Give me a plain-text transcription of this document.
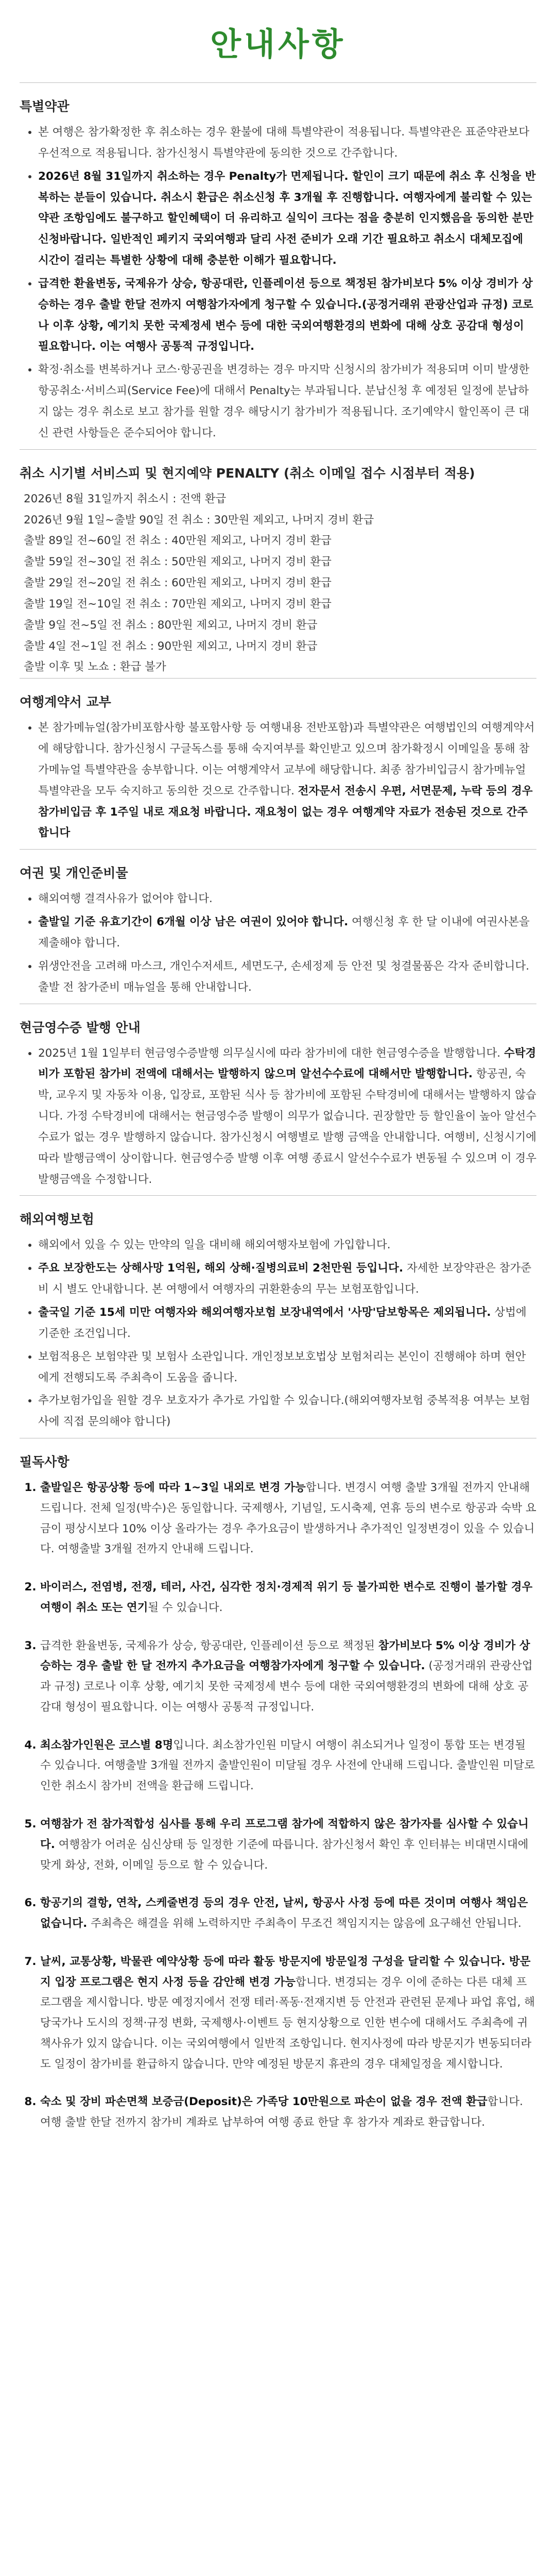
안내사항
특별약관
• 본 여행은 참가확정한 후 취소하는 경우 환불에 대해 특별약관이 적용됩니다. 특별약관은 표준약관보다 우선적으로 적용됩니다. 참가신청시 특별약관에 동의한 것으로 간주합니다.
• 2026년 8월 31일까지 취소하는 경우 Penalty가 면제됩니다. 할인이 크기 때문에 취소 후 신청을 반복하는 분들이 있습니다. 취소시 환급은 취소신청 후 3개월 후 진행합니다. 여행자에게 불리할 수 있는 약관 조항임에도 불구하고 할인혜택이 더 유리하고 실익이 크다는 점을 충분히 인지했음을 동의한 분만 신청바랍니다. 일반적인 페키지 국외여행과 달리 사전 준비가 오래 기간 필요하고 취소시 대체모집에 시간이 걸리는 특별한 상황에 대해 충분한 이해가 필요합니다.
• 급격한 환율변동, 국제유가 상승, 항공대란, 인플레이션 등으로 책정된 참가비보다 5% 이상 경비가 상승하는 경우 출발 한달 전까지 여행참가자에게 청구할 수 있습니다.(공정거래위 관광산업과 규정) 코로나 이후 상황, 예기치 못한 국제정세 변수 등에 대한 국외여행환경의 변화에 대해 상호 공감대 형성이 필요합니다. 이는 여행사 공통적 규정입니다.
• 확정·취소를 변복하거나 코스·항공권을 변경하는 경우 마지막 신청시의 참가비가 적용되며 이미 발생한 항공취소·서비스피(Service Fee)에 대해서 Penalty는 부과됩니다. 분납신청 후 예정된 일정에 분납하지 않는 경우 취소로 보고 참가를 원할 경우 해당시기 참가비가 적용됩니다. 조기예약시 할인폭이 큰 대신 관련 사항들은 준수되어야 합니다.
취소 시기별 서비스피 및 현지예약 PENALTY (취소 이메일 접수 시점부터 적용)
2026년 8월 31일까지 취소시 : 전액 환급
2026년 9월 1일~출발 90일 전 취소 : 30만원 제외고, 나머지 경비 환급
출발 89일 전~60일 전 취소 : 40만원 제외고, 나머지 경비 환급
출발 59일 전~30일 전 취소 : 50만원 제외고, 나머지 경비 환급
출발 29일 전~20일 전 취소 : 60만원 제외고, 나머지 경비 환급
출발 19일 전~10일 전 취소 : 70만원 제외고, 나머지 경비 환급
출발 9일 전~5일 전 취소 : 80만원 제외고, 나머지 경비 환급
출발 4일 전~1일 전 취소 : 90만원 제외고, 나머지 경비 환급
출발 이후 및 노쇼 : 환급 불가
여행계약서 교부
• 본 참가메뉴얼(참가비포함사항 불포함사항 등 여행내용 전반포함)과 특별약관은 여행법인의 여행계약서에 해당합니다. 참가신청시 구글독스를 통해 숙지여부를 확인받고 있으며 참가확정시 이메일을 통해 참가메뉴얼 특별약관을 송부합니다. 이는 여행계약서 교부에 해당합니다. 최종 참가비입금시 참가메뉴얼 특별약관을 모두 숙지하고 동의한 것으로 간주합니다. 전자문서 전송시 우편, 서면문제, 누락 등의 경우 참가비입금 후 1주일 내로 재요청 바랍니다. 재요청이 없는 경우 여행계약 자료가 전송된 것으로 간주합니다
여권 및 개인준비물
• 해외여행 결격사유가 없어야 합니다.
• 출발일 기준 유효기간이 6개월 이상 남은 여권이 있어야 합니다. 여행신청 후 한 달 이내에 여권사본을 제출해야 합니다.
• 위생안전을 고려해 마스크, 개인수저세트, 세면도구, 손세정제 등 안전 및 청결물품은 각자 준비합니다. 출발 전 참가준비 매뉴얼을 통해 안내합니다.
현금영수증 발행 안내
• 2025년 1월 1일부터 현금영수증발행 의무실시에 따라 참가비에 대한 현금영수증을 발행합니다. 수탁경비가 포함된 참가비 전액에 대해서는 발행하지 않으며 알선수수료에 대해서만 발행합니다. 항공권, 숙박, 교우지 및 자동차 이용, 입장료, 포함된 식사 등 참가비에 포함된 수탁경비에 대해서는 발행하지 않습니다. 가정 수탁경비에 대해서는 현금영수증 발행이 의무가 없습니다. 권장할만 등 할인율이 높아 알선수수료가 없는 경우 발행하지 않습니다. 참가신청시 여행별로 발행 금액을 안내합니다. 여행비, 신청시기에 따라 발행금액이 상이합니다. 현금영수증 발행 이후 여행 종료시 알선수수료가 변동될 수 있으며 이 경우 발행금액을 수정합니다.
해외여행보험
• 해외에서 있을 수 있는 만약의 일을 대비해 해외여행자보험에 가입합니다.
• 주요 보장한도는 상해사망 1억원, 해외 상해·질병의료비 2천만원 등입니다. 자세한 보장약관은 참가준비 시 별도 안내합니다. 본 여행에서 여행자의 귀환환송의 무는 보험포함입니다.
• 출국일 기준 15세 미만 여행자와 해외여행자보험 보장내역에서 '사망'담보항목은 제외됩니다. 상법에 기준한 조건입니다.
• 보험적용은 보험약관 및 보험사 소관입니다. 개인정보보호법상 보험처리는 본인이 진행해야 하며 현안에게 전행되도록 주최측이 도움을 줍니다.
• 추가보험가입을 원할 경우 보호자가 추가로 가입할 수 있습니다.(해외여행자보험 중복적용 여부는 보험사에 직접 문의해야 합니다)
필독사항
1. 출발일은 항공상황 등에 따라 1~3일 내외로 변경 가능합니다. 변경시 여행 출발 3개월 전까지 안내해 드립니다. 전체 일정(박수)은 동일합니다. 국제행사, 기념일, 도시축제, 연휴 등의 변수로 항공과 숙박 요금이 평상시보다 10% 이상 올라가는 경우 추가요금이 발생하거나 추가적인 일정변경이 있을 수 있습니다. 여행출발 3개월 전까지 안내해 드립니다.
2. 바이러스, 전염병, 전쟁, 테러, 사건, 심각한 정치·경제적 위기 등 불가피한 변수로 진행이 불가할 경우 여행이 취소 또는 연기될 수 있습니다.
3. 급격한 환율변동, 국제유가 상승, 항공대란, 인플레이션 등으로 책정된 참가비보다 5% 이상 경비가 상승하는 경우 출발 한 달 전까지 추가요금을 여행참가자에게 청구할 수 있습니다. (공정거래위 관광산업과 규정) 코로나 이후 상황, 예기치 못한 국제정세 변수 등에 대한 국외여행환경의 변화에 대해 상호 공감대 형성이 필요합니다. 이는 여행사 공통적 규정입니다.
4. 최소참가인원은 코스별 8명입니다. 최소참가인원 미달시 여행이 취소되거나 일정이 통합 또는 변경될 수 있습니다. 여행출발 3개월 전까지 출발인원이 미달될 경우 사전에 안내해 드립니다. 출발인원 미달로 인한 취소시 참가비 전액을 환급해 드립니다.
5. 여행참가 전 참가적합성 심사를 통해 우리 프로그램 참가에 적합하지 않은 참가자를 심사할 수 있습니다. 여행참가 어려운 심신상태 등 일정한 기준에 따릅니다. 참가신청서 확인 후 인터뷰는 비대면시대에 맞게 화상, 전화, 이메일 등으로 할 수 있습니다.
6. 항공기의 결항, 연착, 스케줄변경 등의 경우 안전, 날씨, 항공사 사정 등에 따른 것이며 여행사 책임은 없습니다. 주최측은 해결을 위해 노력하지만 주최측이 무조건 책임지지는 않음에 요구해선 안됩니다.
7. 날씨, 교통상황, 박물관 예약상황 등에 따라 활동 방문지에 방문일정 구성을 달리할 수 있습니다. 방문지 입장 프로그램은 현지 사정 등을 감안해 변경 가능합니다. 변경되는 경우 이에 준하는 다른 대체 프로그램을 제시합니다. 방문 예정지에서 전쟁 테러·폭동·전재지변 등 안전과 관련된 문제나 파업 휴업, 해당국가나 도시의 정책·규정 변화, 국제행사·이벤트 등 현지상황으로 인한 변수에 대해서도 주최측에 귀책사유가 있지 않습니다. 이는 국외여행에서 일반적 조항입니다. 현지사정에 따라 방문지가 변동되더라도 일정이 참가비를 환급하지 않습니다. 만약 예정된 방문지 휴관의 경우 대체일정을 제시합니다.
8. 숙소 및 장비 파손면책 보증금(Deposit)은 가족당 10만원으로 파손이 없을 경우 전액 환급합니다. 여행 출발 한달 전까지 참가비 계좌로 납부하여 여행 종료 한달 후 참가자 계좌로 환급합니다.
